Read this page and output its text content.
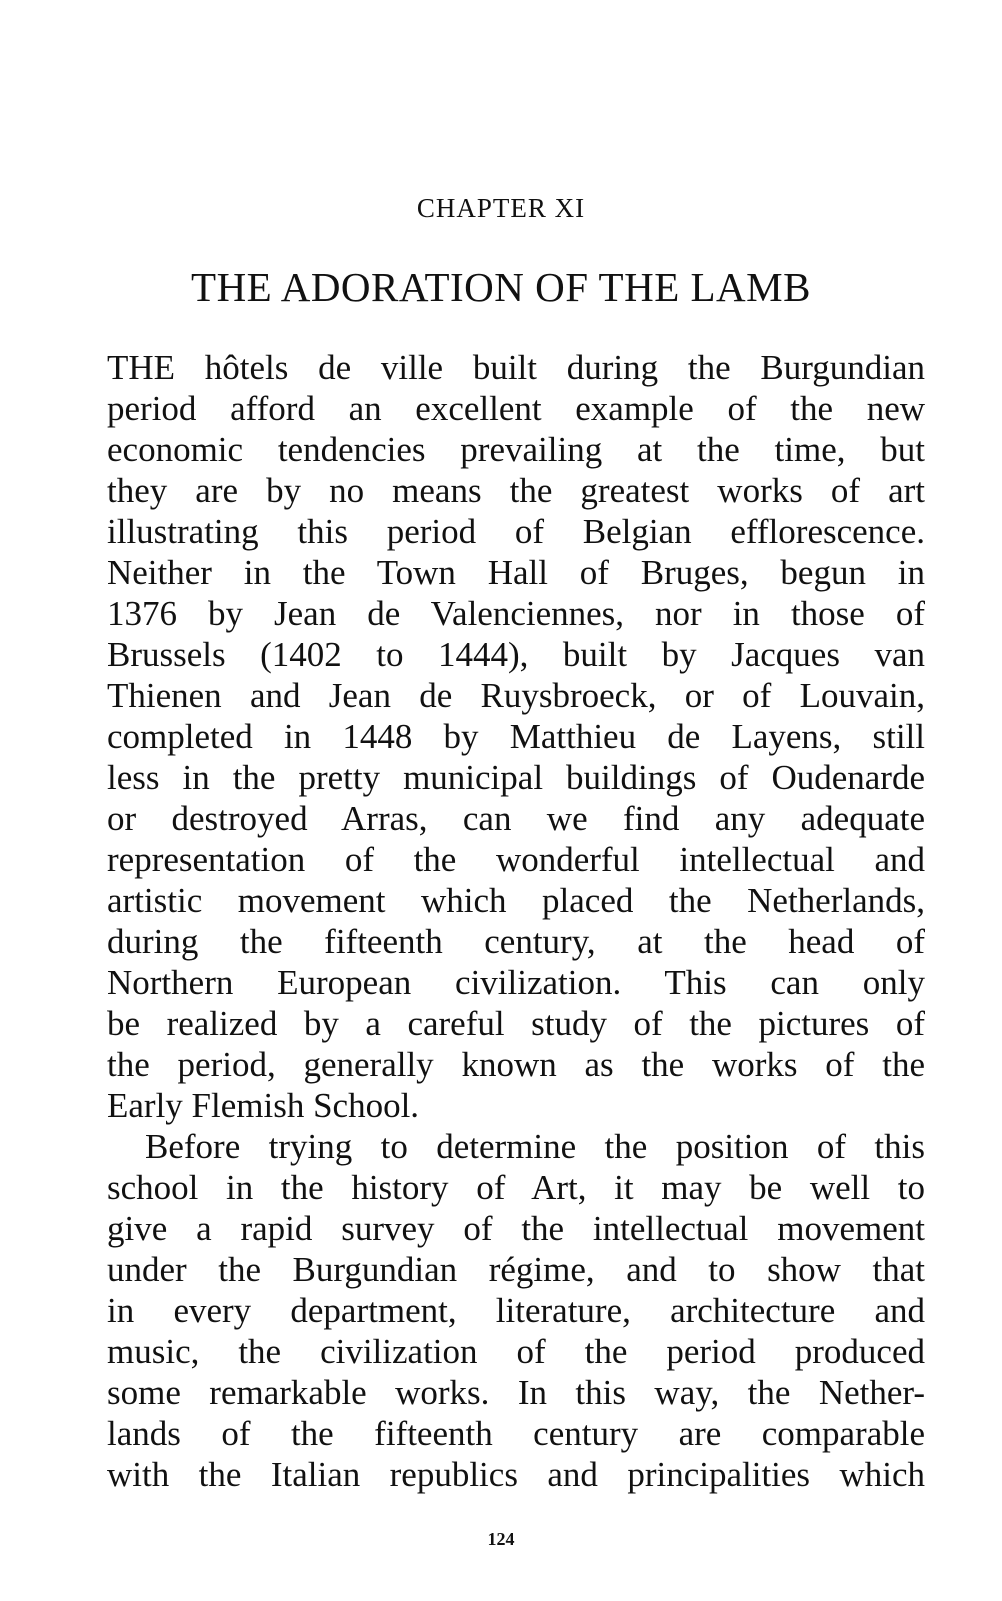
CHAPTER XI
THE ADORATION OF THE LAMB
THE hôtels de ville built during the Burgundian
period afford an excellent example of the new
economic tendencies prevailing at the time, but
they are by no means the greatest works of art
illustrating this period of Belgian efflorescence.
Neither in the Town Hall of Bruges, begun in
1376 by Jean de Valenciennes, nor in those of
Brussels (1402 to 1444), built by Jacques van
Thienen and Jean de Ruysbroeck, or of Louvain,
completed in 1448 by Matthieu de Layens, still
less in the pretty municipal buildings of Oudenarde
or destroyed Arras, can we find any adequate
representation of the wonderful intellectual and
artistic movement which placed the Netherlands,
during the fifteenth century, at the head of
Northern European civilization. This can only
be realized by a careful study of the pictures of
the period, generally known as the works of the
Early Flemish School.
Before trying to determine the position of this
school in the history of Art, it may be well to
give a rapid survey of the intellectual movement
under the Burgundian régime, and to show that
in every department, literature, architecture and
music, the civilization of the period produced
some remarkable works. In this way, the Nether-
lands of the fifteenth century are comparable
with the Italian republics and principalities which
124
